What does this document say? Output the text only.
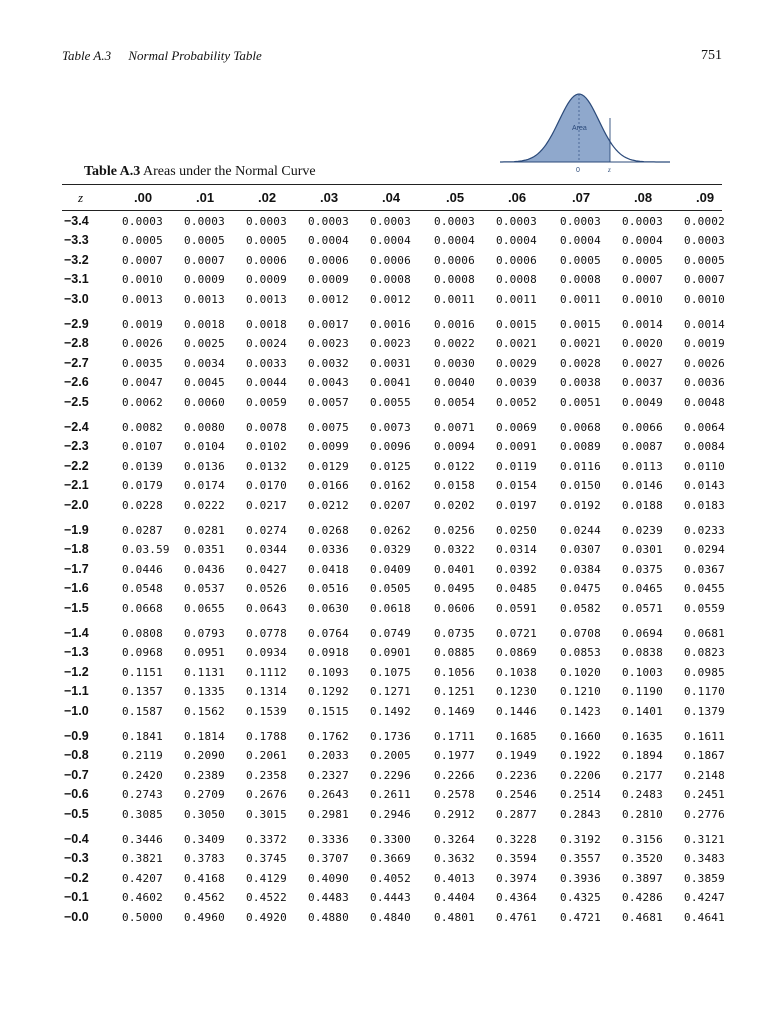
Table A.3 Normal Probability Table	751
Area
0	z
Table A.3 Areas under the Normal Curve
z	.00	.01	.02	.03	.04	.05	.06	.07	.08	.09
−3.4	0.0003 0.0003 0.0003 0.0003 0.0003 0.0003 0.0003 0.0003 0.0003 0.0002
−3.3	0.0005 0.0005 0.0005 0.0004 0.0004 0.0004 0.0004 0.0004 0.0004 0.0003
−3.2	0.0007 0.0007 0.0006 0.0006 0.0006 0.0006 0.0006 0.0005 0.0005 0.0005
−3.1	0.0010 0.0009 0.0009 0.0009 0.0008 0.0008 0.0008 0.0008 0.0007 0.0007
−3.0	0.0013 0.0013 0.0013 0.0012 0.0012 0.0011 0.0011 0.0011 0.0010 0.0010
−2.9	0.0019 0.0018 0.0018 0.0017 0.0016 0.0016 0.0015 0.0015 0.0014 0.0014
−2.8	0.0026 0.0025 0.0024 0.0023 0.0023 0.0022 0.0021 0.0021 0.0020 0.0019
−2.7	0.0035 0.0034 0.0033 0.0032 0.0031 0.0030 0.0029 0.0028 0.0027 0.0026
−2.6	0.0047 0.0045 0.0044 0.0043 0.0041 0.0040 0.0039 0.0038 0.0037 0.0036
−2.5	0.0062 0.0060 0.0059 0.0057 0.0055 0.0054 0.0052 0.0051 0.0049 0.0048
−2.4	0.0082 0.0080 0.0078 0.0075 0.0073 0.0071 0.0069 0.0068 0.0066 0.0064
−2.3	0.0107 0.0104 0.0102 0.0099 0.0096 0.0094 0.0091 0.0089 0.0087 0.0084
−2.2	0.0139 0.0136 0.0132 0.0129 0.0125 0.0122 0.0119 0.0116 0.0113 0.0110
−2.1	0.0179 0.0174 0.0170 0.0166 0.0162 0.0158 0.0154 0.0150 0.0146 0.0143
−2.0	0.0228 0.0222 0.0217 0.0212 0.0207 0.0202 0.0197 0.0192 0.0188 0.0183
−1.9	0.0287 0.0281 0.0274 0.0268 0.0262 0.0256 0.0250 0.0244 0.0239 0.0233
−1.8	0.03.59 0.0351 0.0344 0.0336 0.0329 0.0322 0.0314 0.0307 0.0301 0.0294
−1.7	0.0446 0.0436 0.0427 0.0418 0.0409 0.0401 0.0392 0.0384 0.0375 0.0367
−1.6	0.0548 0.0537 0.0526 0.0516 0.0505 0.0495 0.0485 0.0475 0.0465 0.0455
−1.5	0.0668 0.0655 0.0643 0.0630 0.0618 0.0606 0.0591 0.0582 0.0571 0.0559
−1.4	0.0808 0.0793 0.0778 0.0764 0.0749 0.0735 0.0721 0.0708 0.0694 0.0681
−1.3	0.0968 0.0951 0.0934 0.0918 0.0901 0.0885 0.0869 0.0853 0.0838 0.0823
−1.2	0.1151 0.1131 0.1112 0.1093 0.1075 0.1056 0.1038 0.1020 0.1003 0.0985
−1.1	0.1357 0.1335 0.1314 0.1292 0.1271 0.1251 0.1230 0.1210 0.1190 0.1170
−1.0	0.1587 0.1562 0.1539 0.1515 0.1492 0.1469 0.1446 0.1423 0.1401 0.1379
−0.9	0.1841 0.1814 0.1788 0.1762 0.1736 0.1711 0.1685 0.1660 0.1635 0.1611
−0.8	0.2119 0.2090 0.2061 0.2033 0.2005 0.1977 0.1949 0.1922 0.1894 0.1867
−0.7	0.2420 0.2389 0.2358 0.2327 0.2296 0.2266 0.2236 0.2206 0.2177 0.2148
−0.6	0.2743 0.2709 0.2676 0.2643 0.2611 0.2578 0.2546 0.2514 0.2483 0.2451
−0.5	0.3085 0.3050 0.3015 0.2981 0.2946 0.2912 0.2877 0.2843 0.2810 0.2776
−0.4	0.3446 0.3409 0.3372 0.3336 0.3300 0.3264 0.3228 0.3192 0.3156 0.3121
−0.3	0.3821 0.3783 0.3745 0.3707 0.3669 0.3632 0.3594 0.3557 0.3520 0.3483
−0.2	0.4207 0.4168 0.4129 0.4090 0.4052 0.4013 0.3974 0.3936 0.3897 0.3859
−0.1	0.4602 0.4562 0.4522 0.4483 0.4443 0.4404 0.4364 0.4325 0.4286 0.4247
−0.0	0.5000 0.4960 0.4920 0.4880 0.4840 0.4801 0.4761 0.4721 0.4681 0.4641
